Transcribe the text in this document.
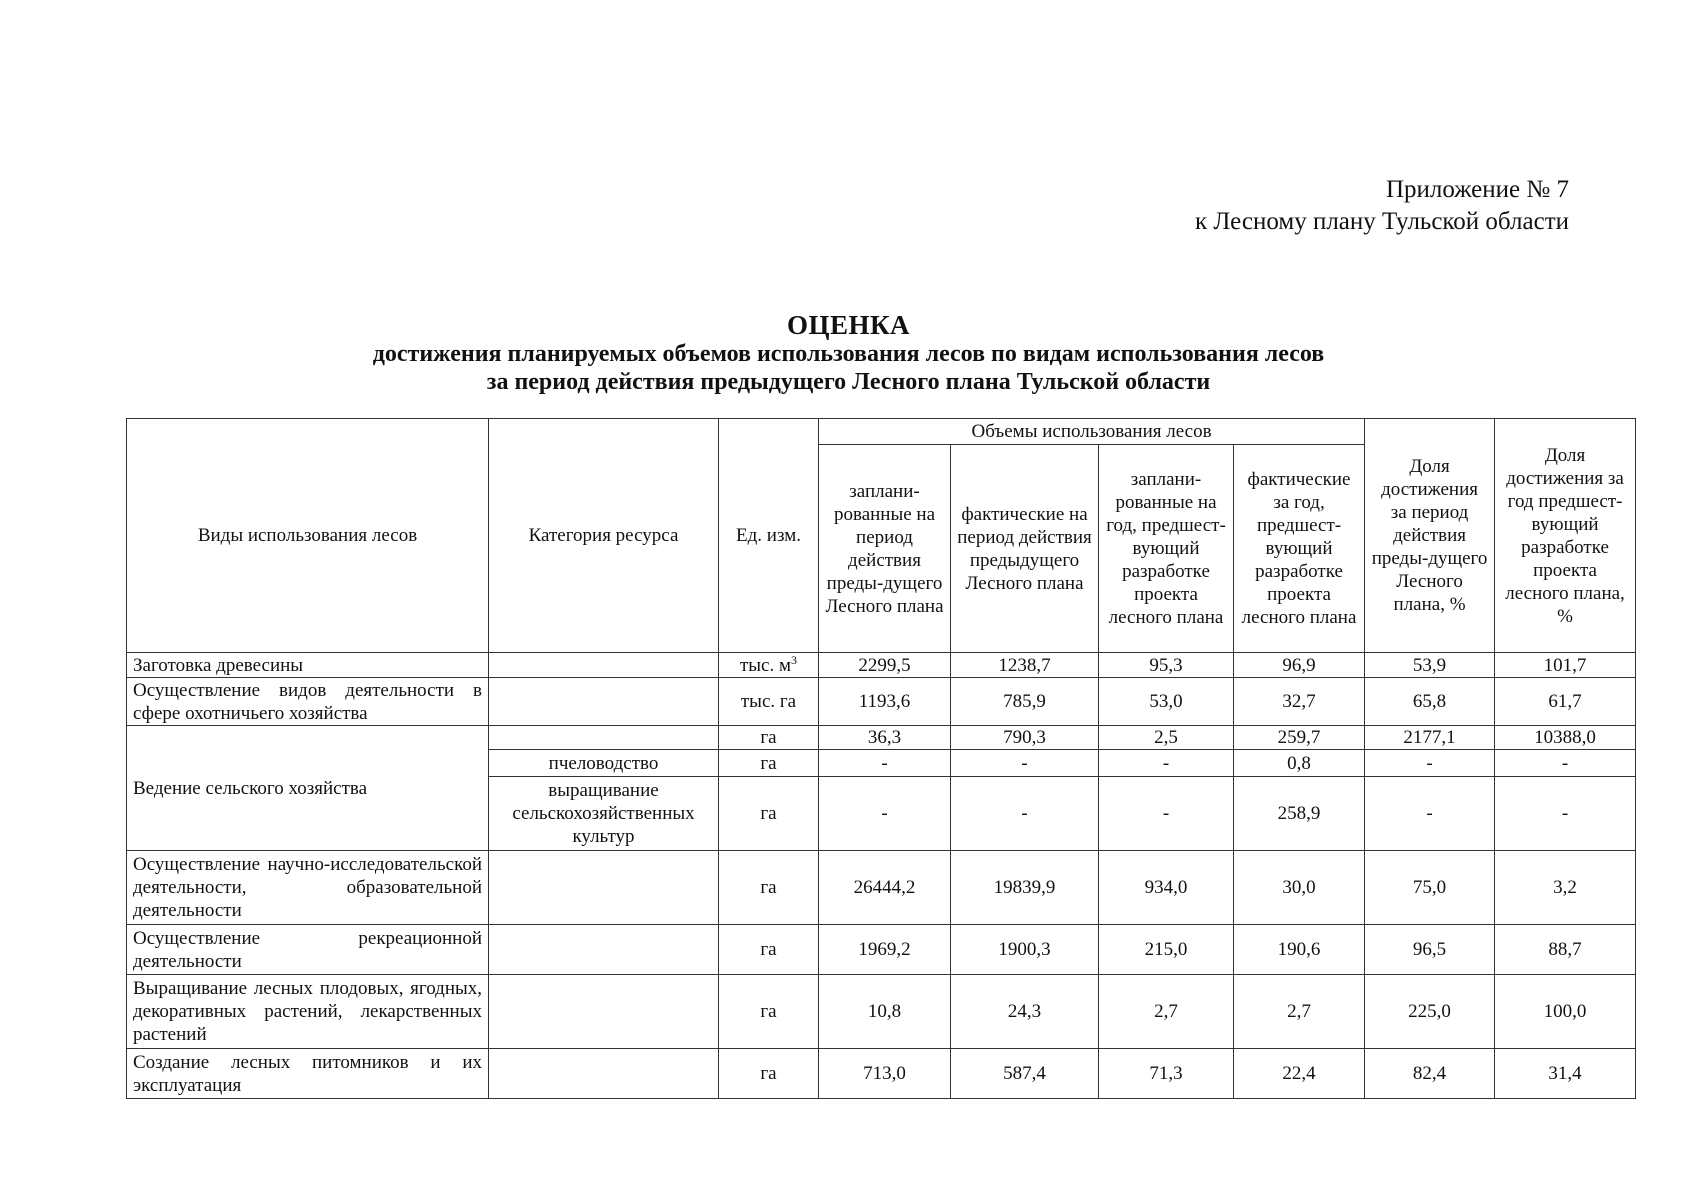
Приложение № 7
к Лесному плану Тульской области
ОЦЕНКА
достижения планируемых объемов использования лесов по видам использования лесов
за период действия предыдущего Лесного плана Тульской области
Виды использования лесов	Категория ресурса	Ед. изм.	Объемы использования лесов				Доля достижения за период действия преды-дущего Лесного плана, %	Доля достижения за год предшест-вующий разработке проекта лесного плана, %
			заплани-рованные на период действия преды-дущего Лесного плана	фактические на период действия предыдущего Лесного плана	заплани-рованные на год, предшест-вующий разработке проекта лесного плана	фактические за год, предшест-вующий разработке проекта лесного плана		
Заготовка древесины		тыс. $м^3$	2299,5	1238,7	95,3	96,9	53,9	101,7
Осуществление видов деятельности в сфере охотничьего хозяйства		тыс. га	1193,6	785,9	53,0	32,7	65,8	61,7
Ведение сельского хозяйства		га	36,3	790,3	2,5	259,7	2177,1	10388,0
	пчеловодство	га	-	-	-	0,8	-	-
	выращивание сельскохозяйственных культур	га	-	-	-	258,9	-	-
Осуществление научно-исследовательской деятельности, образовательной деятельности		га	26444,2	19839,9	934,0	30,0	75,0	3,2
Осуществление рекреационной деятельности		га	1969,2	1900,3	215,0	190,6	96,5	88,7
Выращивание лесных плодовых, ягодных, декоративных растений, лекарственных растений		га	10,8	24,3	2,7	2,7	225,0	100,0
Создание лесных питомников и их эксплуатация		га	713,0	587,4	71,3	22,4	82,4	31,4
